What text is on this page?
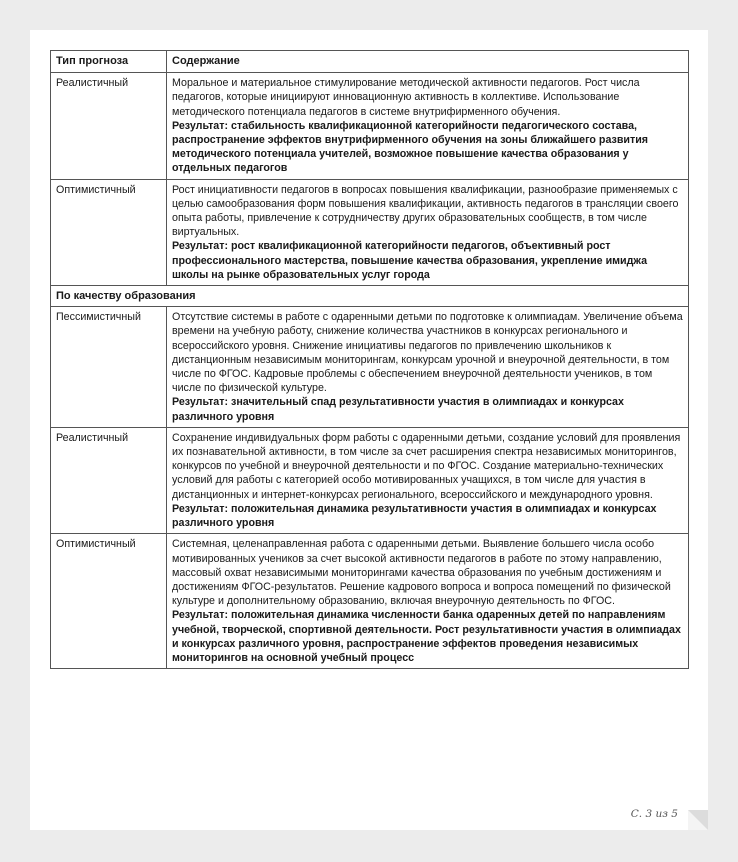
Тип прогноза	Содержание
Реалистичный	Моральное и материальное стимулирование методической активности педагогов. Рост числа педагогов, которые инициируют инновационную активность в коллективе. Использование методического потенциала педагогов в системе внутрифирменного обучения.
Результат: стабильность квалификационной категорийности педагогического состава, распространение эффектов внутрифирменного обучения на зоны ближайшего развития методического потенциала учителей, возможное повышение качества образования у отдельных педагогов

Оптимистичный	Рост инициативности педагогов в вопросах повышения квалификации, разнообразие применяемых с целью самообразования форм повышения квалификации, активность педагогов в трансляции своего опыта работы, привлечение к сотрудничеству других образовательных сообществ, в том числе виртуальных.
Результат: рост квалификационной категорийности педагогов, объективный рост профессионального мастерства, повышение качества образования, укрепление имиджа школы на рынке образовательных услуг города

По качеству образования	
Пессимистичный	Отсутствие системы в работе с одаренными детьми по подготовке к олимпиадам. Увеличение объема времени на учебную работу, снижение количества участников в конкурсах регионального и всероссийского уровня. Снижение инициативы педагогов по привлечению школьников к дистанционным независимым мониторингам, конкурсам урочной и внеурочной деятельности, в том числе по ФГОС. Кадровые проблемы с обеспечением внеурочной деятельности учеников, в том числе по физической культуре.
Результат: значительный спад результативности участия в олимпиадах и конкурсах различного уровня

Реалистичный	Сохранение индивидуальных форм работы с одаренными детьми, создание условий для проявления их познавательной активности, в том числе за счет расширения спектра независимых мониторингов, конкурсов по учебной и внеурочной деятельности и по ФГОС. Создание материально-технических условий для работы с категорией особо мотивированных учащихся, в том числе для участия в дистанционных и интернет-конкурсах регионального, всероссийского и международного уровня.
Результат: положительная динамика результативности участия в олимпиадах и конкурсах различного уровня

Оптимистичный	Системная, целенаправленная работа с одаренными детьми. Выявление большего числа особо мотивированных учеников за счет высокой активности педагогов в работе по этому направлению, массовый охват независимыми мониторингами качества образования по учебным достижениям и достижениям ФГОС-результатов. Решение кадрового вопроса и вопроса помещений по физической культуре и дополнительному образованию, включая внеурочную деятельность по ФГОС.
Результат: положительная динамика численности банка одаренных детей по направлениям учебной, творческой, спортивной деятельности. Рост результативности участия в олимпиадах и конкурсах различного уровня, распространение эффектов проведения независимых мониторингов на основной учебный процесс
С. 3 из 5
